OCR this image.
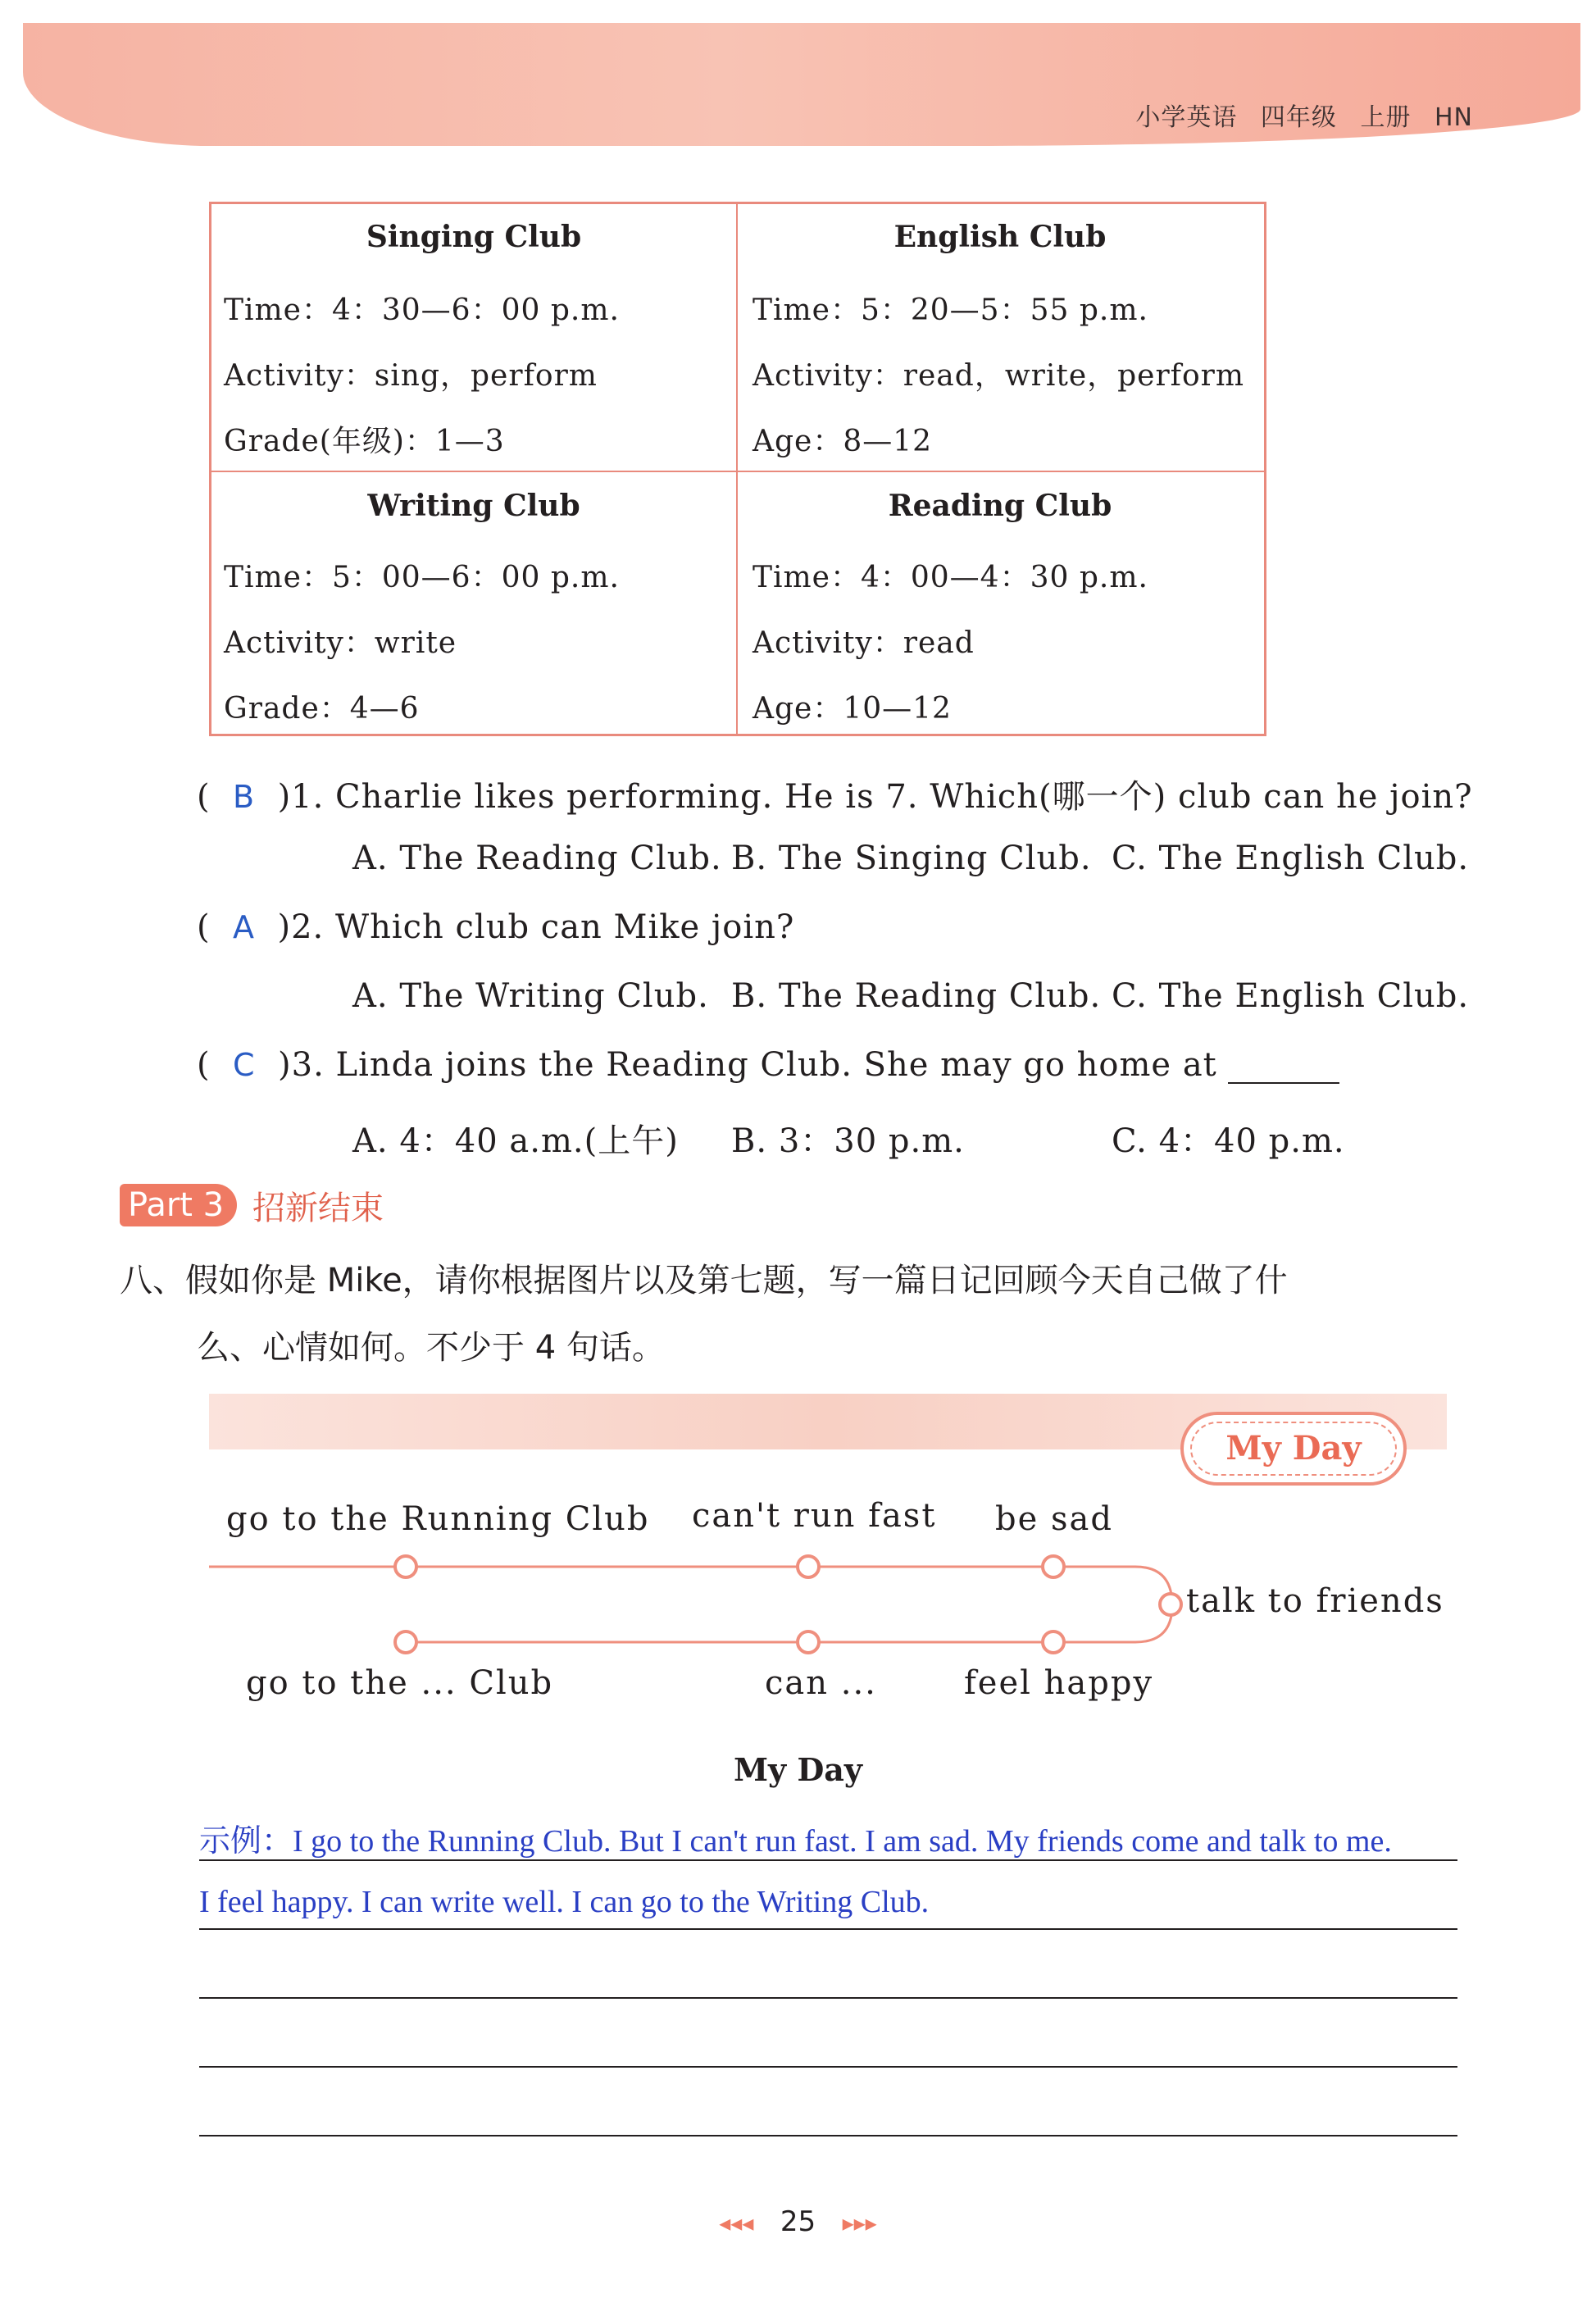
小学英语 四年级 上册 HN
Singing Club
Time：4：30—6：00 p.m.
Activity：sing，perform
Grade(年级)：1—3
English Club
Time：5：20—5：55 p.m.
Activity：read，write，perform
Age：8—12
Writing Club
Time：5：00—6：00 p.m.
Activity：write
Grade：4—6
Reading Club
Time：4：00—4：30 p.m.
Activity：read
Age：10—12
(  B )1. Charlie likes performing. He is 7. Which(哪一个) club can he join?
A. The Reading Club. B. The Singing Club. C. The English Club.
(  A )2. Which club can Mike join?
A. The Writing Club. B. The Reading Club. C. The English Club.
(  C )3. Linda joins the Reading Club. She may go home at
A. 4：40 a.m.(上午) B. 3：30 p.m.	C. 4：40 p.m.
Part 3 招新结束
八、假如你是 Mike，请你根据图片以及第七题，写一篇日记回顾今天自己做了什
么、心情如何。不少于 4 句话。
My Day
go to the Running Club can't run fast be sad
talk to friends
go to the ... Club	can ...	feel happy
My Day
示例：I go to the Running Club. But I can't run fast. I am sad. My friends come and talk to me.
I feel happy. I can write well. I can go to the Writing Club.
◂◂◂ 25 ▸▸▸
